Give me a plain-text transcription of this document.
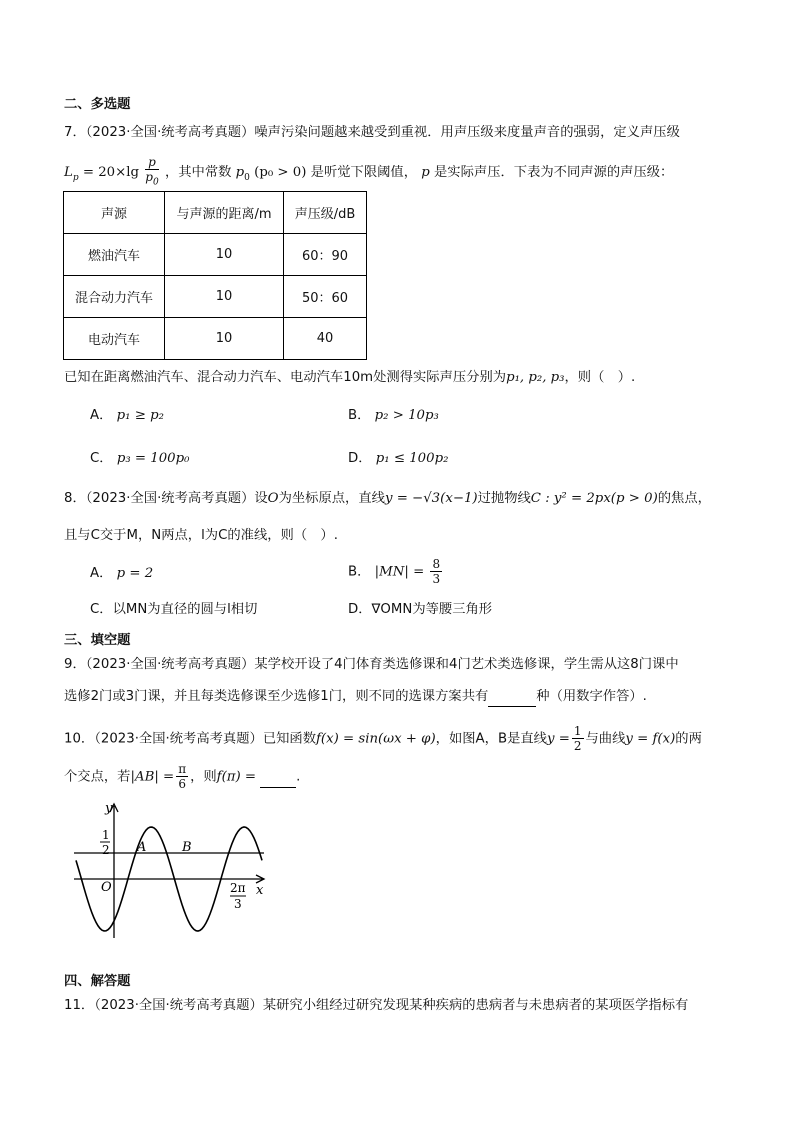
二、多选题
7．（2023·全国·统考高考真题）噪声污染问题越来越受到重视．用声压级来度量声音的强弱，定义声压级
$L_p = 20\times\lg \frac{p}{p_0}$ ，其中常数 $p_0$ (p₀ > 0) 是听觉下限阈值， p 是实际声压．下表为不同声源的声压级：
声源	与声源的距离/m	声压级/dB
燃油汽车	10	60：90
混合动力汽车	10	50：60
电动汽车	10	40
已知在距离燃油汽车、混合动力汽车、电动汽车10m处测得实际声压分别为p₁, p₂, p₃，则（　）.
A． p₁ ≥ p₂	B． p₂ > 10p₃
C． p₃ = 100p₀	D． p₁ ≤ 100p₂
8．（2023·全国·统考高考真题）设O为坐标原点，直线y = −√3(x−1)过抛物线C : y² = 2px(p > 0)的焦点，
且与C交于M，N两点，l为C的准线，则（　）.
A． p = 2	B． $|MN| = \frac{8}{3}$
C．以MN为直径的圆与l相切	D．∇OMN为等腰三角形
三、填空题
9．（2023·全国·统考高考真题）某学校开设了4门体育类选修课和4门艺术类选修课，学生需从这8门课中
选修2门或3门课，并且每类选修课至少选修1门，则不同的选课方案共有	种（用数字作答）.
10．（2023·全国·统考高考真题）已知函数f(x) = sin(ωx + φ)，如图A，B是直线$y = \frac{1}{2}$ 与曲线y = f(x)的两
个交点，若$|AB| = \frac{\pi}{6}$ ，则f(π) =	.
y
x
O
A	B
1
2
2π
3
四、解答题
11．（2023·全国·统考高考真题）某研究小组经过研究发现某种疾病的患病者与未患病者的某项医学指标有
